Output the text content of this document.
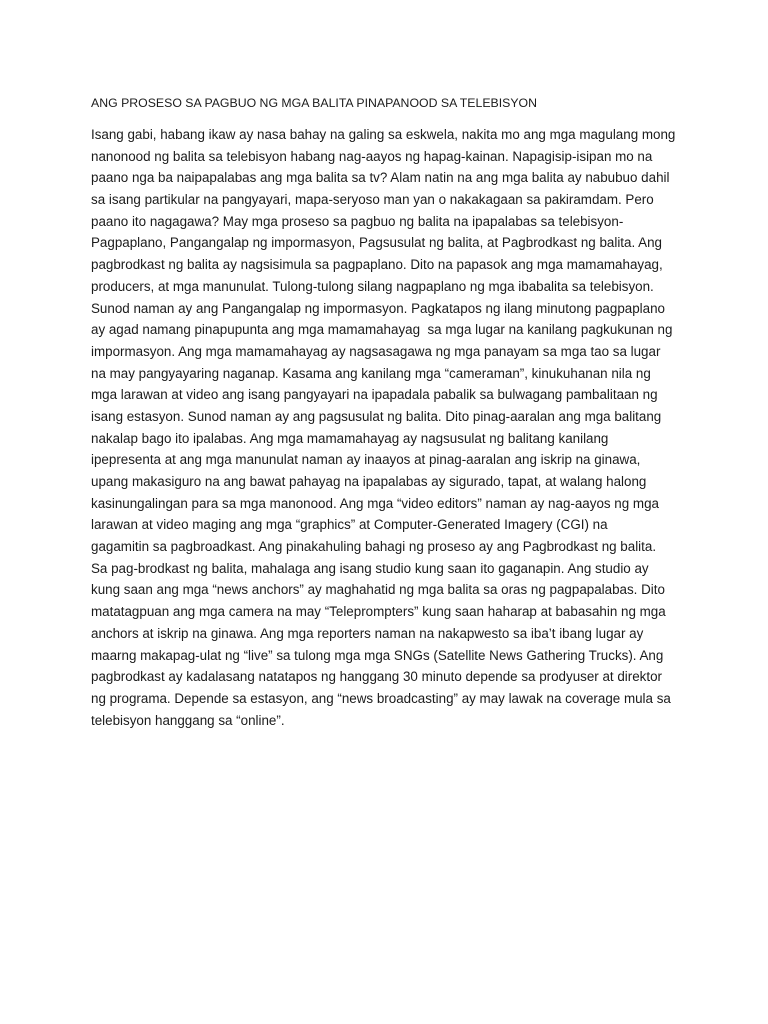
ANG PROSESO SA PAGBUO NG MGA BALITA PINAPANOOD SA TELEBISYON
Isang gabi, habang ikaw ay nasa bahay na galing sa eskwela, nakita mo ang mga magulang mong
nanonood ng balita sa telebisyon habang nag-aayos ng hapag-kainan. Napagisip-isipan mo na
paano nga ba naipapalabas ang mga balita sa tv? Alam natin na ang mga balita ay nabubuo dahil
sa isang partikular na pangyayari, mapa-seryoso man yan o nakakagaan sa pakiramdam. Pero
paano ito nagagawa? May mga proseso sa pagbuo ng balita na ipapalabas sa telebisyon-
Pagpaplano, Pangangalap ng impormasyon, Pagsusulat ng balita, at Pagbrodkast ng balita. Ang
pagbrodkast ng balita ay nagsisimula sa pagpaplano. Dito na papasok ang mga mamamahayag,
producers, at mga manunulat. Tulong-tulong silang nagpaplano ng mga ibabalita sa telebisyon.
Sunod naman ay ang Pangangalap ng impormasyon. Pagkatapos ng ilang minutong pagpaplano
ay agad namang pinapupunta ang mga mamamahayag  sa mga lugar na kanilang pagkukunan ng
impormasyon. Ang mga mamamahayag ay nagsasagawa ng mga panayam sa mga tao sa lugar
na may pangyayaring naganap. Kasama ang kanilang mga “cameraman”, kinukuhanan nila ng
mga larawan at video ang isang pangyayari na ipapadala pabalik sa bulwagang pambalitaan ng
isang estasyon. Sunod naman ay ang pagsusulat ng balita. Dito pinag-aaralan ang mga balitang
nakalap bago ito ipalabas. Ang mga mamamahayag ay nagsusulat ng balitang kanilang
ipepresenta at ang mga manunulat naman ay inaayos at pinag-aaralan ang iskrip na ginawa,
upang makasiguro na ang bawat pahayag na ipapalabas ay sigurado, tapat, at walang halong
kasinungalingan para sa mga manonood. Ang mga “video editors” naman ay nag-aayos ng mga
larawan at video maging ang mga “graphics” at Computer-Generated Imagery (CGI) na
gagamitin sa pagbroadkast. Ang pinakahuling bahagi ng proseso ay ang Pagbrodkast ng balita.
Sa pag-brodkast ng balita, mahalaga ang isang studio kung saan ito gaganapin. Ang studio ay
kung saan ang mga “news anchors” ay maghahatid ng mga balita sa oras ng pagpapalabas. Dito
matatagpuan ang mga camera na may “Teleprompters” kung saan haharap at babasahin ng mga
anchors at iskrip na ginawa. Ang mga reporters naman na nakapwesto sa iba’t ibang lugar ay
maarng makapag-ulat ng “live” sa tulong mga mga SNGs (Satellite News Gathering Trucks). Ang
pagbrodkast ay kadalasang natatapos ng hanggang 30 minuto depende sa prodyuser at direktor
ng programa. Depende sa estasyon, ang “news broadcasting” ay may lawak na coverage mula sa
telebisyon hanggang sa “online”.
